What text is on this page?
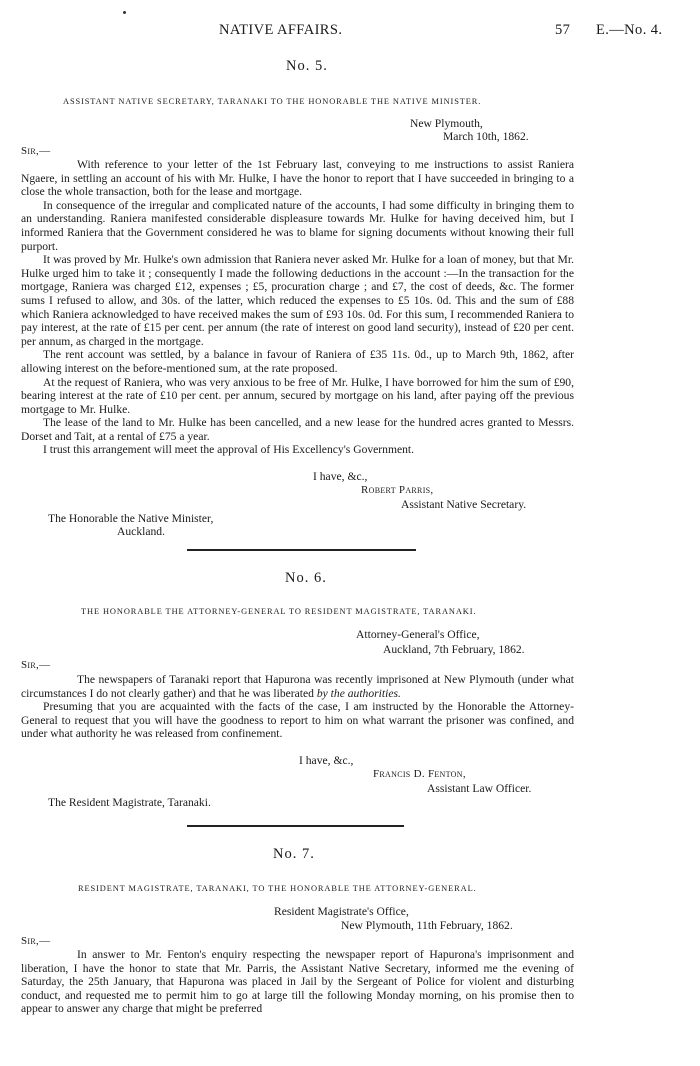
NATIVE AFFAIRS.	57 E.—No. 4.
No. 5.
ASSISTANT NATIVE SECRETARY, TARANAKI TO THE HONORABLE THE NATIVE MINISTER.
New Plymouth,
March 10th, 1862.
Sir,—

With reference to your letter of the 1st February last, conveying to me instructions to assist Raniera Ngaere, in settling an account of his with Mr. Hulke, I have the honor to report that I have succeeded in bringing to a close the whole transaction, both for the lease and mortgage.

In consequence of the irregular and complicated nature of the accounts, I had some difficulty in bringing them to an understanding. Raniera manifested considerable displeasure towards Mr. Hulke for having deceived him, but I informed Raniera that the Government considered he was to blame for signing documents without knowing their full purport.

It was proved by Mr. Hulke's own admission that Raniera never asked Mr. Hulke for a loan of money, but that Mr. Hulke urged him to take it ; consequently I made the following deductions in the account :—In the transaction for the mortgage, Raniera was charged £12, expenses ; £5, procuration charge ; and £7, the cost of deeds, &c. The former sums I refused to allow, and 30s. of the latter, which reduced the expenses to £5 10s. 0d. This and the sum of £88 which Raniera acknowledged to have received makes the sum of £93 10s. 0d. For this sum, I recommended Raniera to pay interest, at the rate of £15 per cent. per annum (the rate of interest on good land security), instead of £20 per cent. per annum, as charged in the mortgage.

The rent account was settled, by a balance in favour of Raniera of £35 11s. 0d., up to March 9th, 1862, after allowing interest on the before-mentioned sum, at the rate proposed.

At the request of Raniera, who was very anxious to be free of Mr. Hulke, I have borrowed for him the sum of £90, bearing interest at the rate of £10 per cent. per annum, secured by mortgage on his land, after paying off the previous mortgage to Mr. Hulke.

The lease of the land to Mr. Hulke has been cancelled, and a new lease for the hundred acres granted to Messrs. Dorset and Tait, at a rental of £75 a year.

I trust this arrangement will meet the approval of His Excellency's Government.

I have, &c.,
Robert Parris,
Assistant Native Secretary.
The Honorable the Native Minister,
Auckland.
No. 6.
THE HONORABLE THE ATTORNEY-GENERAL TO RESIDENT MAGISTRATE, TARANAKI.
Attorney-General's Office,
Auckland, 7th February, 1862.
Sir,—

The newspapers of Taranaki report that Hapurona was recently imprisoned at New Plymouth (under what circumstances I do not clearly gather) and that he was liberated by the authorities.

Presuming that you are acquainted with the facts of the case, I am instructed by the Honorable the Attorney-General to request that you will have the goodness to report to him on what warrant the prisoner was confined, and under what authority he was released from confinement.

I have, &c.,
Francis D. Fenton,
Assistant Law Officer.
The Resident Magistrate, Taranaki.
No. 7.
RESIDENT MAGISTRATE, TARANAKI, TO THE HONORABLE THE ATTORNEY-GENERAL.
Resident Magistrate's Office,
New Plymouth, 11th February, 1862.
Sir,—

In answer to Mr. Fenton's enquiry respecting the newspaper report of Hapurona's imprisonment and liberation, I have the honor to state that Mr. Parris, the Assistant Native Secretary, informed me the evening of Saturday, the 25th January, that Hapurona was placed in Jail by the Sergeant of Police for violent and disturbing conduct, and requested me to permit him to go at large till the following Monday morning, on his promise then to appear to answer any charge that might be preferred
